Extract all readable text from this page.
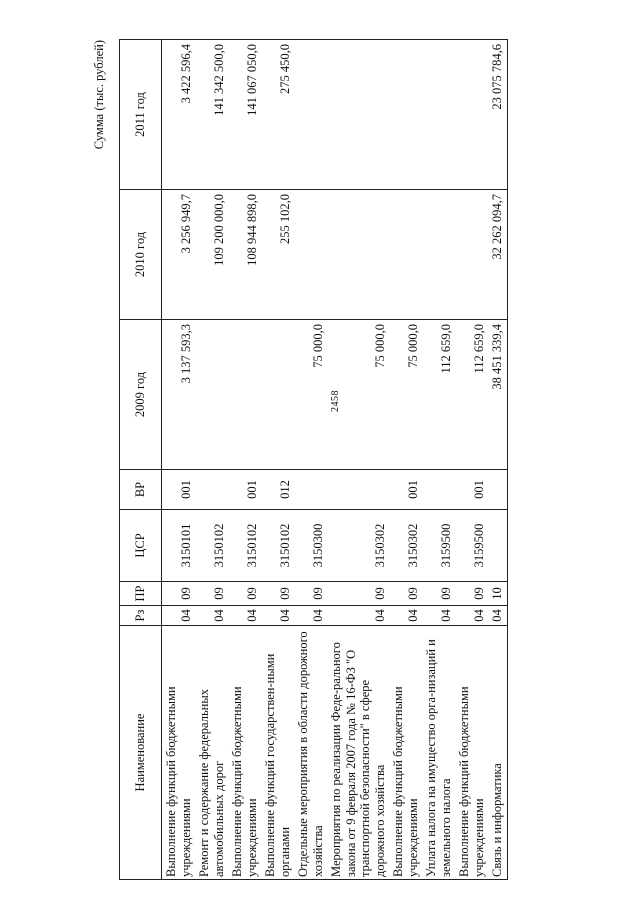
2458
Сумма (тыс. рублей)
Наименование	Рз	ПР	ЦСР	ВР	2009 год	2010 год	2011 год
Выполнение функций бюджетными учреждениями	04	09	3150101	001	3 137 593,3	3 256 949,7	3 422 596,4
Ремонт и содержание федеральных автомобильных дорог	04	09	3150102			109 200 000,0	141 342 500,0
Выполнение функций бюджетными учреждениями	04	09	3150102	001		108 944 898,0	141 067 050,0
Выполнение функций государствен-ными органами	04	09	3150102	012		255 102,0	275 450,0
Отдельные мероприятия в области дорожного хозяйства	04	09	3150300		75 000,0		
Мероприятия по реализации Феде-рального закона от 9 февраля 2007 года № 16-ФЗ "О транспортной безопасности" в сфере дорожного хозяйства	04	09	3150302		75 000,0		
Выполнение функций бюджетными учреждениями	04	09	3150302	001	75 000,0		
Уплата налога на имущество орга-низаций и земельного налога	04	09	3159500		112 659,0		
Выполнение функций бюджетными учреждениями	04	09	3159500	001	112 659,0		
Связь и информатика	04	10			38 451 339,4	32 262 094,7	23 075 784,6
